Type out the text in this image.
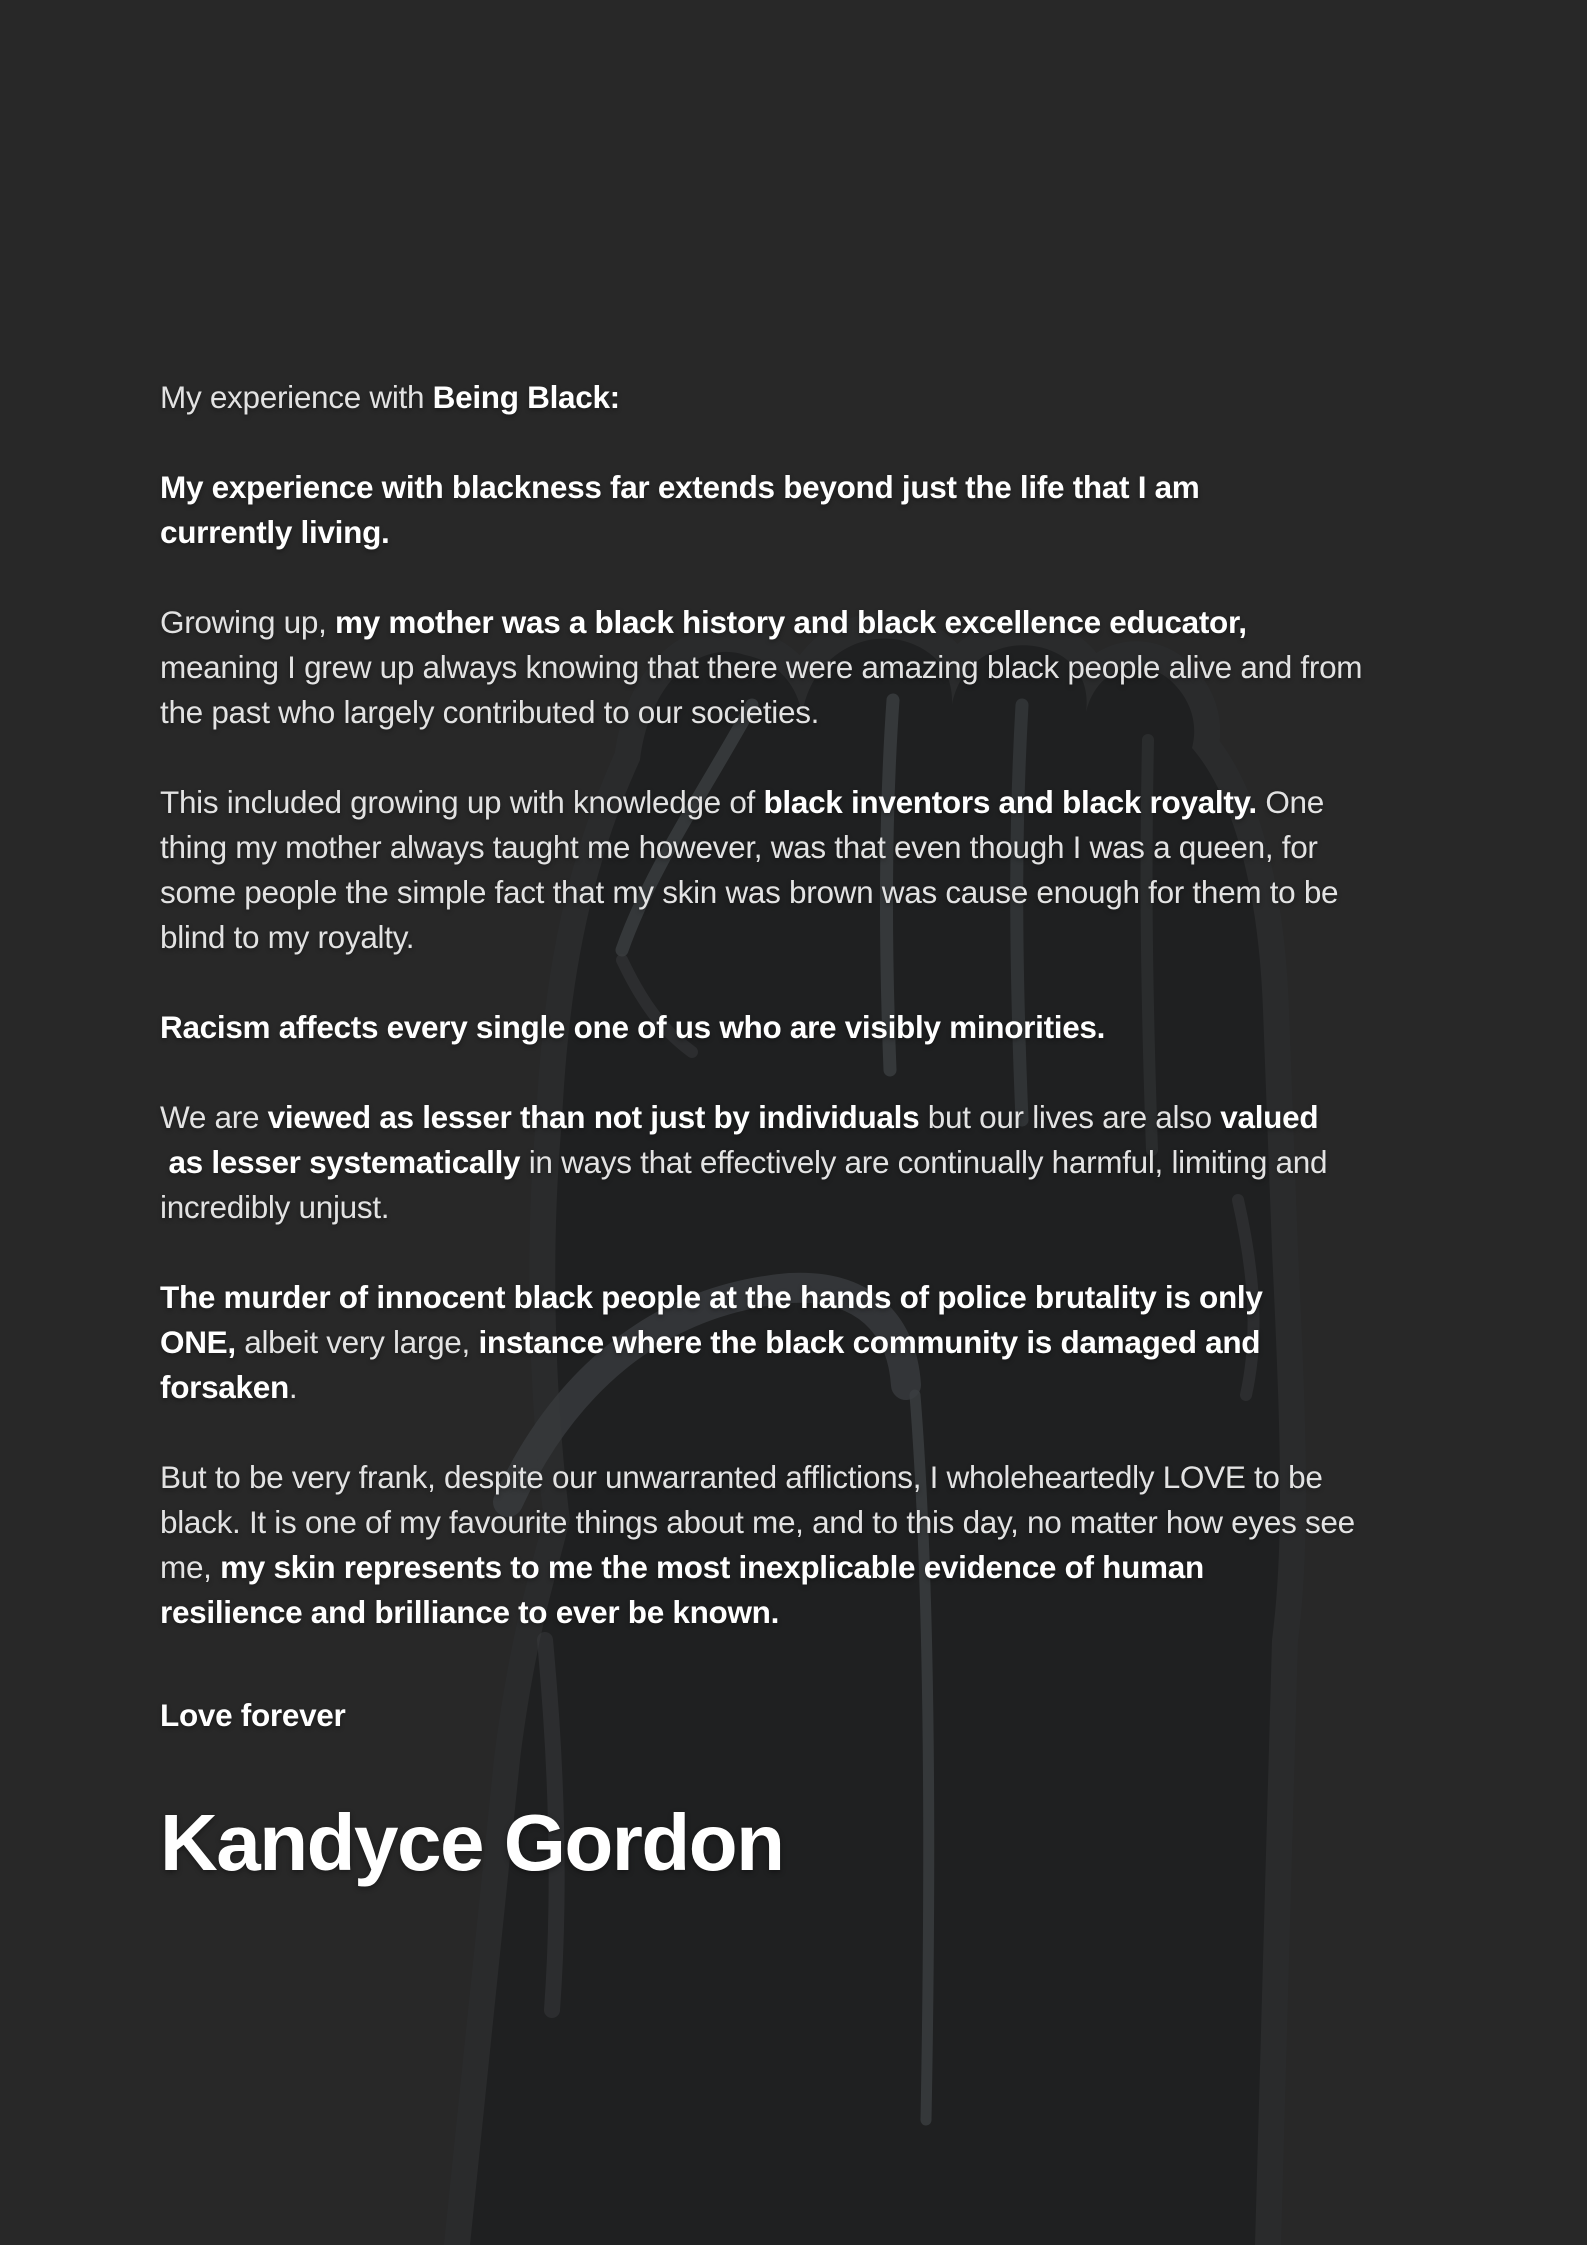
My experience with Being Black:

My experience with blackness far extends beyond just the life that I am
currently living.

Growing up, my mother was a black history and black excellence educator,
meaning I grew up always knowing that there were amazing black people alive and from
the past who largely contributed to our societies.

This included growing up with knowledge of black inventors and black royalty. One
thing my mother always taught me however, was that even though I was a queen, for
some people the simple fact that my skin was brown was cause enough for them to be
blind to my royalty.

Racism affects every single one of us who are visibly minorities.

We are viewed as lesser than not just by individuals but our lives are also valued
as lesser systematically in ways that effectively are continually harmful, limiting and
incredibly unjust.

The murder of innocent black people at the hands of police brutality is only
ONE, albeit very large, instance where the black community is damaged and
forsaken.

But to be very frank, despite our unwarranted afflictions, I wholeheartedly LOVE to be
black. It is one of my favourite things about me, and to this day, no matter how eyes see
me, my skin represents to me the most inexplicable evidence of human
resilience and brilliance to ever be known.

Love forever

Kandyce Gordon
